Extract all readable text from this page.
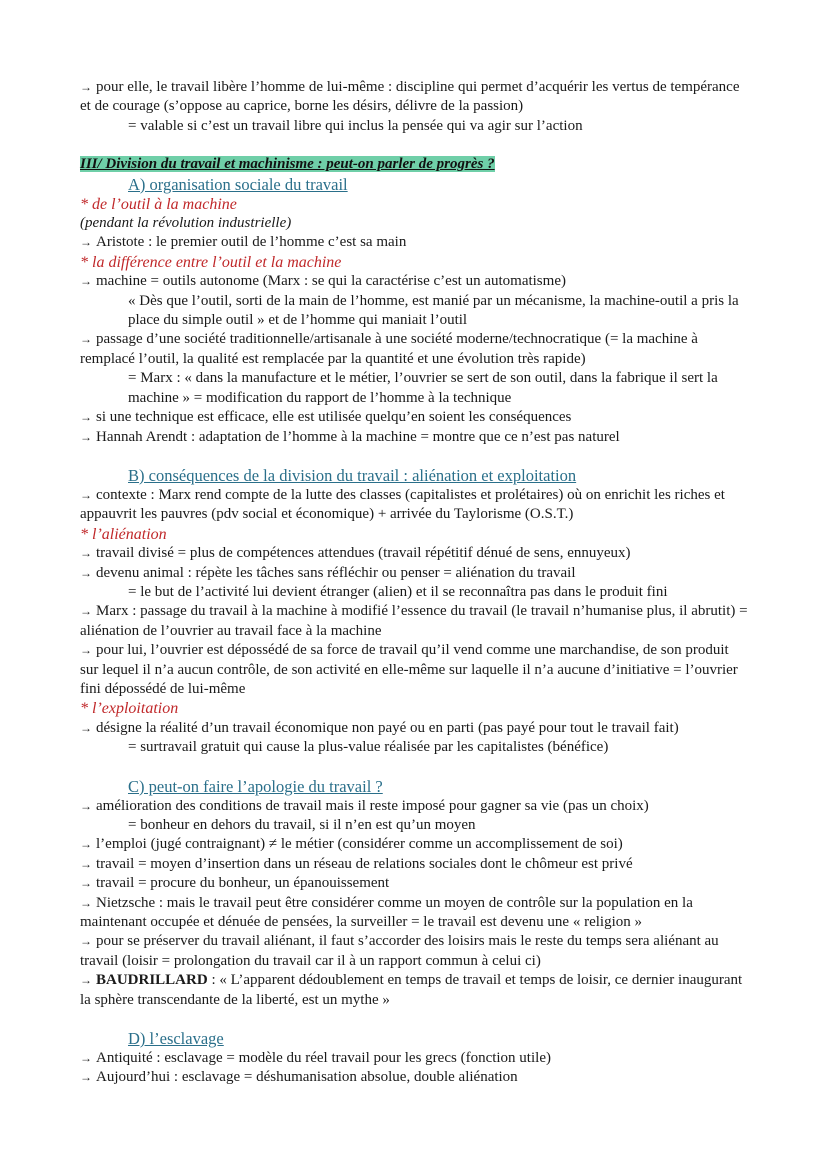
→ pour elle, le travail libère l’homme de lui-même : discipline qui permet d’acquérir les vertus de tempérance et de courage (s’oppose au caprice, borne les désirs, délivre de la passion)

= valable si c’est un travail libre qui inclus la pensée qui va agir sur l’action

III/ Division du travail et machinisme : peut-on parler de progrès ?

A) organisation sociale du travail

* de l’outil à la machine

(pendant la révolution industrielle)

→ Aristote : le premier outil de l’homme c’est sa main

* la différence entre l’outil et la machine

→ machine = outils autonome (Marx : se qui la caractérise c’est un automatisme)

« Dès que l’outil, sorti de la main de l’homme, est manié par un mécanisme, la machine-outil a pris la place du simple outil » et de l’homme qui maniait l’outil

→ passage d’une société traditionnelle/artisanale à une société moderne/technocratique (= la machine à remplacé l’outil, la qualité est remplacée par la quantité et une évolution très rapide)

= Marx : « dans la manufacture et le métier, l’ouvrier se sert de son outil, dans la fabrique il sert la machine » = modification du rapport de l’homme à la technique

→ si une technique est efficace, elle est utilisée quelqu’en soient les conséquences

→ Hannah Arendt : adaptation de l’homme à la machine = montre que ce n’est pas naturel

B) conséquences de la division du travail : aliénation et exploitation

→ contexte : Marx rend compte de la lutte des classes (capitalistes et prolétaires) où on enrichit les riches et appauvrit les pauvres (pdv social et économique) + arrivée du Taylorisme (O.S.T.)

* l’aliénation

→ travail divisé = plus de compétences attendues (travail répétitif dénué de sens, ennuyeux)

→ devenu animal : répète les tâches sans réfléchir ou penser = aliénation du travail

= le but de l’activité lui devient étranger (alien) et il se reconnaîtra pas dans le produit fini

→ Marx : passage du travail à la machine à modifié l’essence du travail (le travail n’humanise plus, il abrutit) = aliénation de l’ouvrier au travail face à la machine

→ pour lui, l’ouvrier est dépossédé de sa force de travail qu’il vend comme une marchandise, de son produit sur lequel il n’a aucun contrôle, de son activité en elle-même sur laquelle il n’a aucune d’initiative = l’ouvrier fini dépossédé de lui-même

* l’exploitation

→ désigne la réalité d’un travail économique non payé ou en parti (pas payé pour tout le travail fait)

= surtravail gratuit qui cause la plus-value réalisée par les capitalistes (bénéfice)

C) peut-on faire l’apologie du travail ?

→ amélioration des conditions de travail mais il reste imposé pour gagner sa vie (pas un choix)

= bonheur en dehors du travail, si il n’en est qu’un moyen

→ l’emploi (jugé contraignant) ≠ le métier (considérer comme un accomplissement de soi)

→ travail = moyen d’insertion dans un réseau de relations sociales dont le chômeur est privé

→ travail = procure du bonheur, un épanouissement

→ Nietzsche : mais le travail peut être considérer comme un moyen de contrôle sur la population en la maintenant occupée et dénuée de pensées, la surveiller = le travail est devenu une « religion »

→ pour se préserver du travail aliénant, il faut s’accorder des loisirs mais le reste du temps sera aliénant au travail (loisir = prolongation du travail car il à un rapport commun à celui ci)

→ BAUDRILLARD : « L’apparent dédoublement en temps de travail et temps de loisir, ce dernier inaugurant la sphère transcendante de la liberté, est un mythe »

D) l’esclavage

→ Antiquité : esclavage = modèle du réel travail pour les grecs (fonction utile)

→ Aujourd’hui : esclavage = déshumanisation absolue, double aliénation
